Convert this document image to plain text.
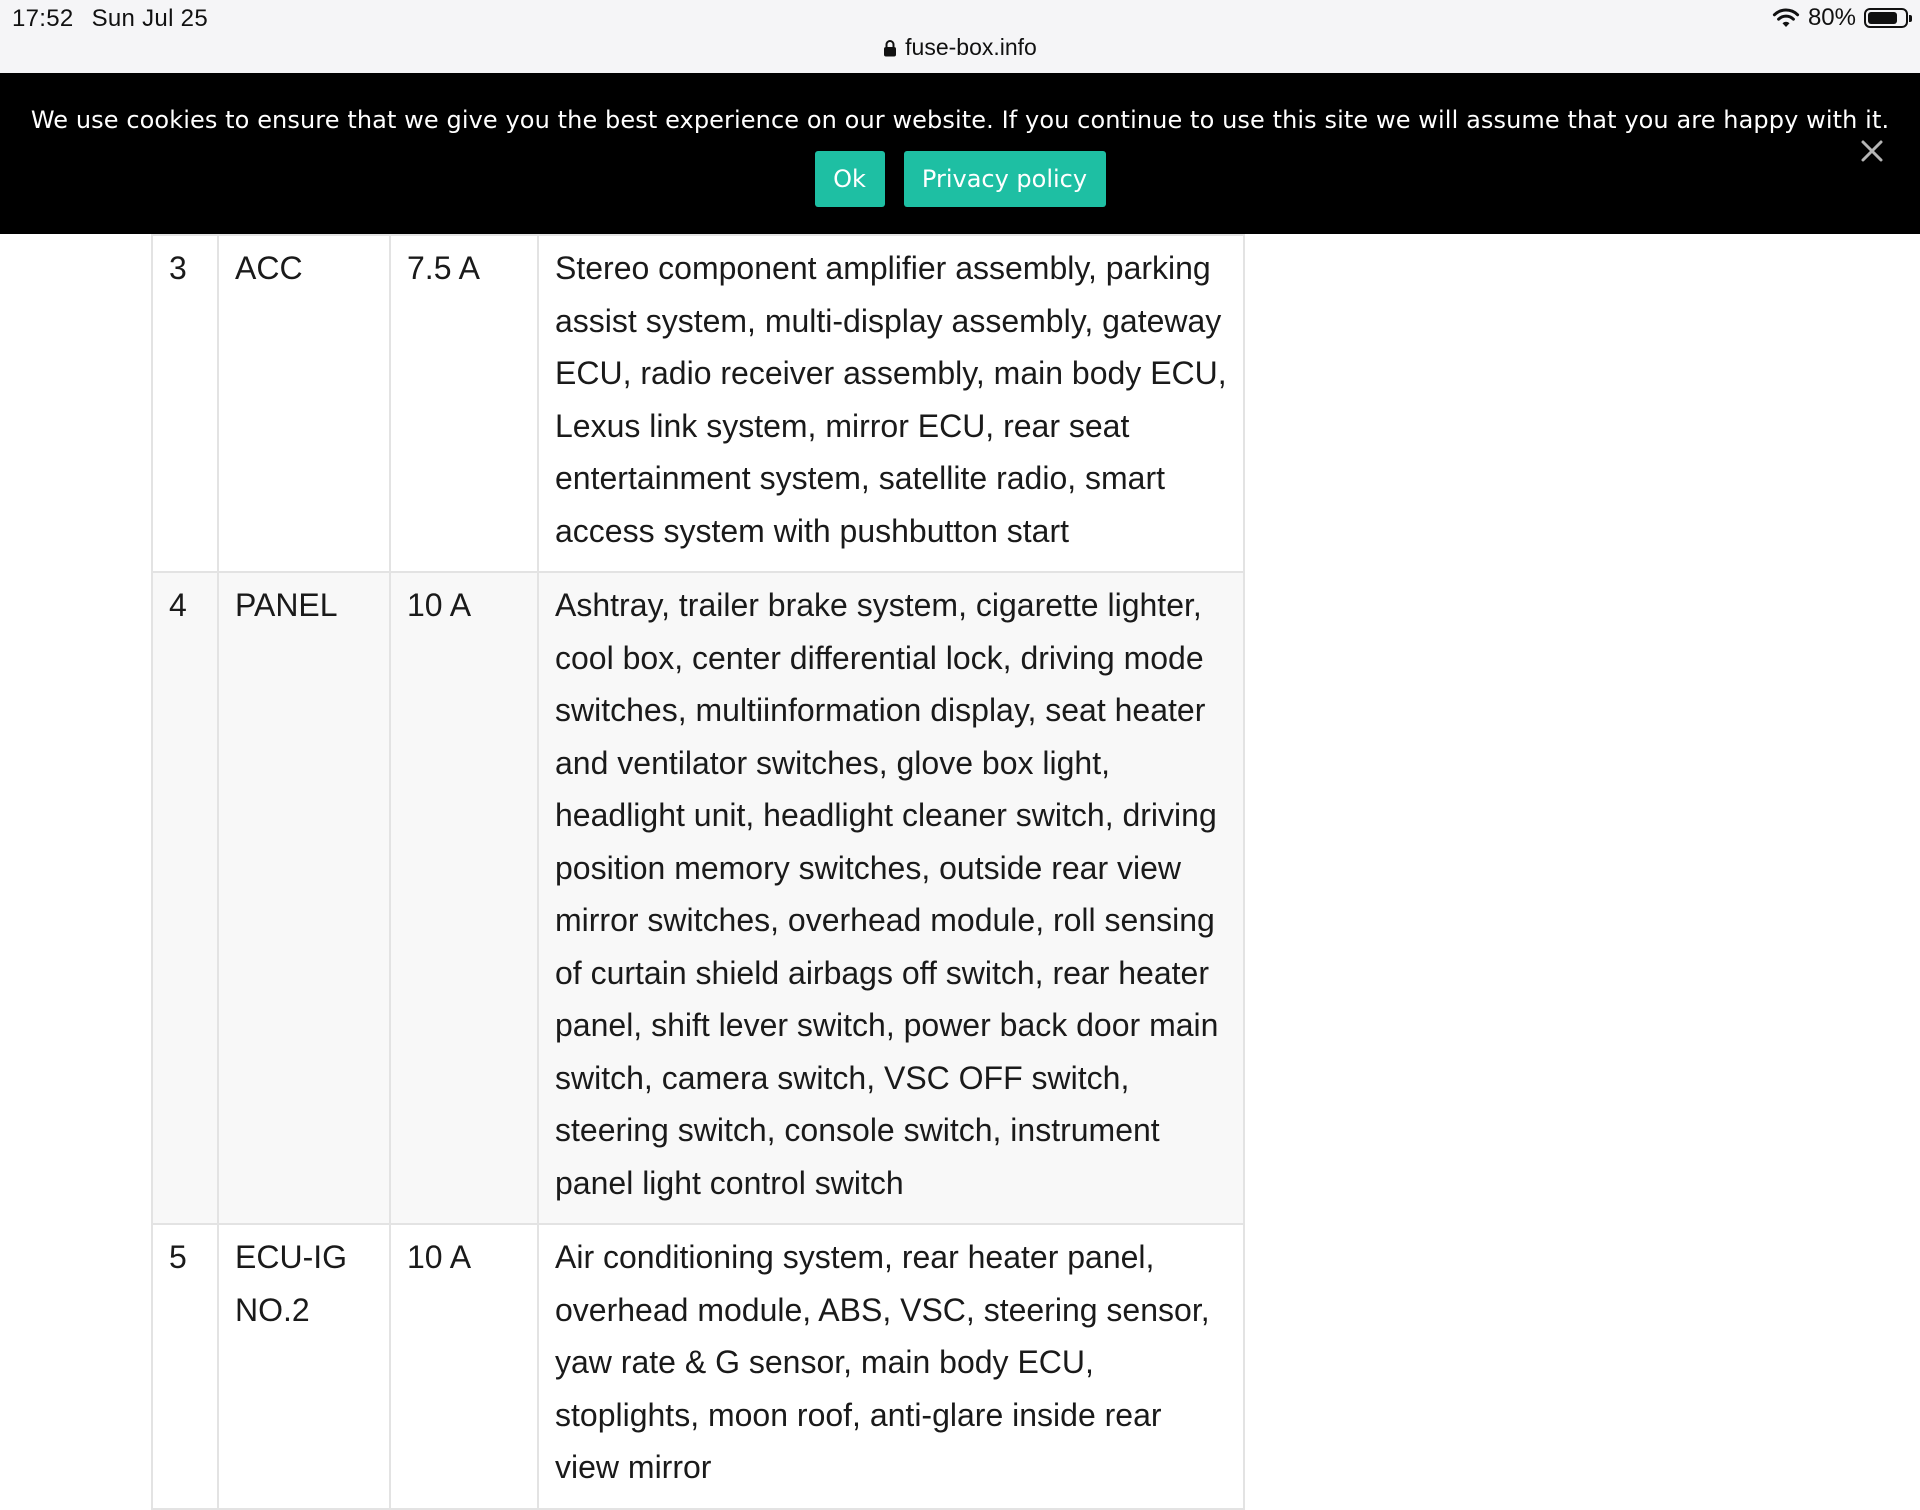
17:52 Sun Jul 25	80%
fuse-box.info
We use cookies to ensure that we give you the best experience on our website. If you continue to use this site we will assume that you are happy with it.
Ok	Privacy policy
3	ACC	7.5 A	Stereo component amplifier assembly, parking assist system, multi-display assembly, gateway ECU, radio receiver assembly, main body ECU, Lexus link system, mirror ECU, rear seat entertainment system, satellite radio, smart access system with pushbutton start
4	PANEL	10 A	Ashtray, trailer brake system, cigarette lighter, cool box, center differential lock, driving mode switches, multiinformation display, seat heater and ventilator switches, glove box light, headlight unit, headlight cleaner switch, driving position memory switches, outside rear view mirror switches, overhead module, roll sensing of curtain shield airbags off switch, rear heater panel, shift lever switch, power back door main switch, camera switch, VSC OFF switch, steering switch, console switch, instrument panel light control switch
5	ECU-IG NO.2	10 A	Air conditioning system, rear heater panel, overhead module, ABS, VSC, steering sensor, yaw rate & G sensor, main body ECU, stoplights, moon roof, anti-glare inside rear view mirror
